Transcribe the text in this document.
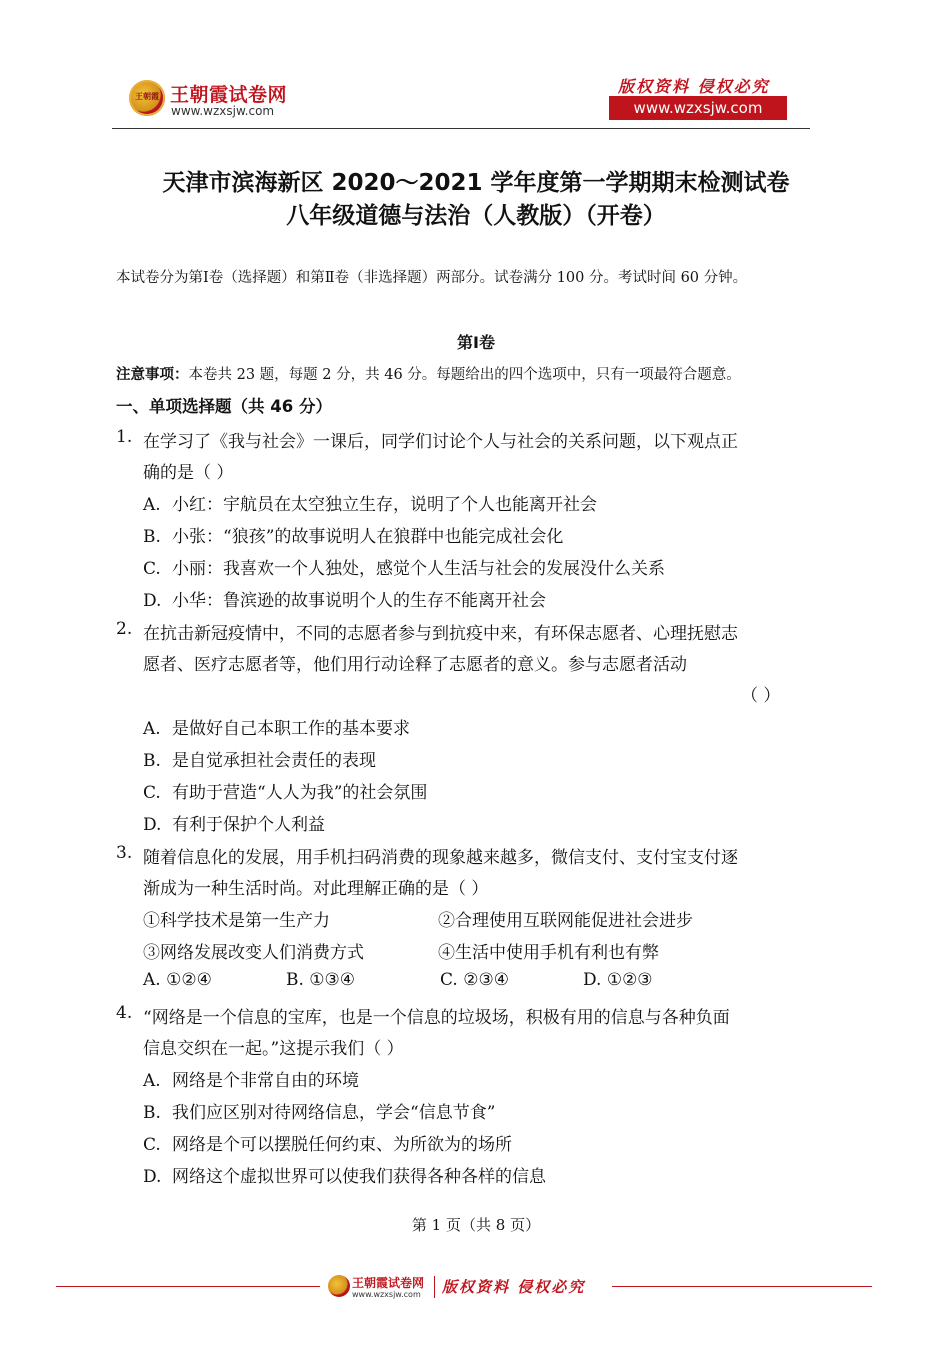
王朝霞 王朝霞试卷网
www.wzxsjw.com
版权资料 侵权必究
www.wzxsjw.com
天津市滨海新区 2020～2021 学年度第一学期期末检测试卷
八年级道德与法治（人教版）（开卷）
本试卷分为第Ⅰ卷（选择题）和第Ⅱ卷（非选择题）两部分。试卷满分 100 分。考试时间 60 分钟。
第Ⅰ卷
注意事项：本卷共 23 题，每题 2 分，共 46 分。每题给出的四个选项中，只有一项最符合题意。
一、单项选择题（共 46 分）
1. 在学习了《我与社会》一课后，同学们讨论个人与社会的关系问题，以下观点正
确的是（ ）
A. 小红：宇航员在太空独立生存，说明了个人也能离开社会
B. 小张：“狼孩”的故事说明人在狼群中也能完成社会化
C. 小丽：我喜欢一个人独处，感觉个人生活与社会的发展没什么关系
D. 小华：鲁滨逊的故事说明个人的生存不能离开社会
2. 在抗击新冠疫情中，不同的志愿者参与到抗疫中来，有环保志愿者、心理抚慰志
愿者、医疗志愿者等，他们用行动诠释了志愿者的意义。参与志愿者活动
（ ）
A. 是做好自己本职工作的基本要求
B. 是自觉承担社会责任的表现
C. 有助于营造“人人为我”的社会氛围
D. 有利于保护个人利益
3. 随着信息化的发展，用手机扫码消费的现象越来越多，微信支付、支付宝支付逐
渐成为一种生活时尚。对此理解正确的是（ ）
①科学技术是第一生产力	②合理使用互联网能促进社会进步
③网络发展改变人们消费方式	④生活中使用手机有利也有弊
A. ①②④	B. ①③④	C. ②③④	D. ①②③
4. “网络是一个信息的宝库，也是一个信息的垃圾场，积极有用的信息与各种负面
信息交织在一起。”这提示我们（ ）
A. 网络是个非常自由的环境
B. 我们应区别对待网络信息，学会“信息节食”
C. 网络是个可以摆脱任何约束、为所欲为的场所
D. 网络这个虚拟世界可以使我们获得各种各样的信息
第 1 页（共 8 页）
王朝霞试卷网
www.wzxsjw.com 版权资料 侵权必究
